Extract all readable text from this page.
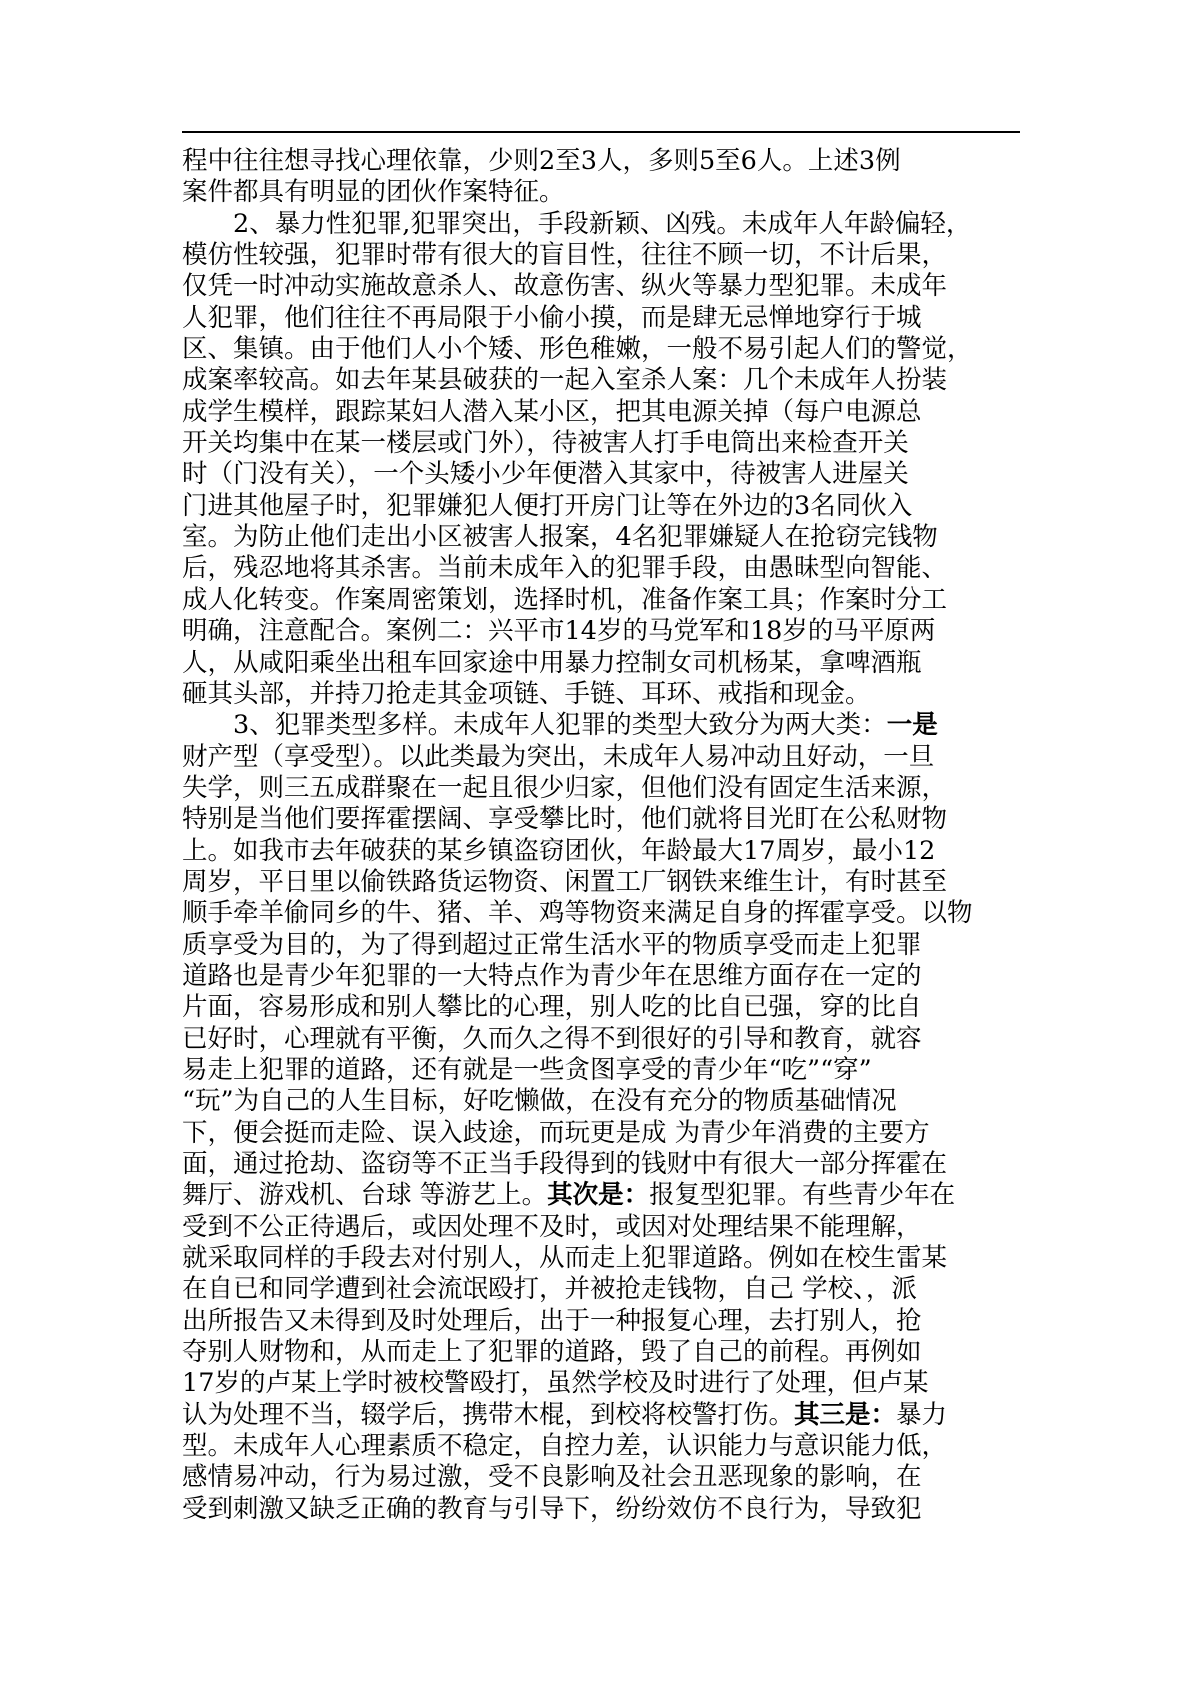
程中往往想寻找心理依靠，少则2至3人，多则5至6人。上述3例
案件都具有明显的团伙作案特征。
2、暴力性犯罪,犯罪突出，手段新颖、凶残。未成年人年龄偏轻，
模仿性较强，犯罪时带有很大的盲目性，往往不顾一切，不计后果，
仅凭一时冲动实施故意杀人、故意伤害、纵火等暴力型犯罪。未成年
人犯罪，他们往往不再局限于小偷小摸，而是肆无忌惮地穿行于城
区、集镇。由于他们人小个矮、形色稚嫩，一般不易引起人们的警觉，
成案率较高。如去年某县破获的一起入室杀人案：几个未成年人扮装
成学生模样，跟踪某妇人潜入某小区，把其电源关掉（每户电源总
开关均集中在某一楼层或门外），待被害人打手电筒出来检查开关
时（门没有关），一个头矮小少年便潜入其家中，待被害人进屋关
门进其他屋子时，犯罪嫌犯人便打开房门让等在外边的3名同伙入
室。为防止他们走出小区被害人报案，4名犯罪嫌疑人在抢窃完钱物
后，残忍地将其杀害。当前未成年入的犯罪手段，由愚昧型向智能、
成人化转变。作案周密策划，选择时机，准备作案工具；作案时分工
明确，注意配合。案例二：兴平市14岁的马党军和18岁的马平原两
人，从咸阳乘坐出租车回家途中用暴力控制女司机杨某，拿啤酒瓶
砸其头部，并持刀抢走其金项链、手链、耳环、戒指和现金。
3、犯罪类型多样。未成年人犯罪的类型大致分为两大类：一是
财产型（享受型）。以此类最为突出，未成年人易冲动且好动，一旦
失学，则三五成群聚在一起且很少归家，但他们没有固定生活来源，
特别是当他们要挥霍摆阔、享受攀比时，他们就将目光盯在公私财物
上。如我市去年破获的某乡镇盗窃团伙，年龄最大17周岁，最小12
周岁，平日里以偷铁路货运物资、闲置工厂钢铁来维生计，有时甚至
顺手牵羊偷同乡的牛、猪、羊、鸡等物资来满足自身的挥霍享受。以物
质享受为目的，为了得到超过正常生活水平的物质享受而走上犯罪
道路也是青少年犯罪的一大特点作为青少年在思维方面存在一定的
片面，容易形成和别人攀比的心理，别人吃的比自已强，穿的比自
已好时，心理就有平衡，久而久之得不到很好的引导和教育，就容
易走上犯罪的道路，还有就是一些贪图享受的青少年“吃”“穿”
“玩”为自己的人生目标，好吃懒做，在没有充分的物质基础情况
下，便会挺而走险、误入歧途，而玩更是成 为青少年消费的主要方
面，通过抢劫、盗窃等不正当手段得到的钱财中有很大一部分挥霍在
舞厅、游戏机、台球 等游艺上。其次是：报复型犯罪。有些青少年在
受到不公正待遇后，或因处理不及时，或因对处理结果不能理解，
就采取同样的手段去对付别人，从而走上犯罪道路。例如在校生雷某
在自已和同学遭到社会流氓殴打，并被抢走钱物，自己 学校、，派
出所报告又未得到及时处理后，出于一种报复心理，去打别人，抢
夺别人财物和，从而走上了犯罪的道路，毁了自己的前程。再例如
17岁的卢某上学时被校警殴打，虽然学校及时进行了处理，但卢某
认为处理不当，辍学后，携带木棍，到校将校警打伤。其三是：暴力
型。未成年人心理素质不稳定，自控力差，认识能力与意识能力低，
感情易冲动，行为易过激，受不良影响及社会丑恶现象的影响，在
受到刺激又缺乏正确的教育与引导下，纷纷效仿不良行为，导致犯
